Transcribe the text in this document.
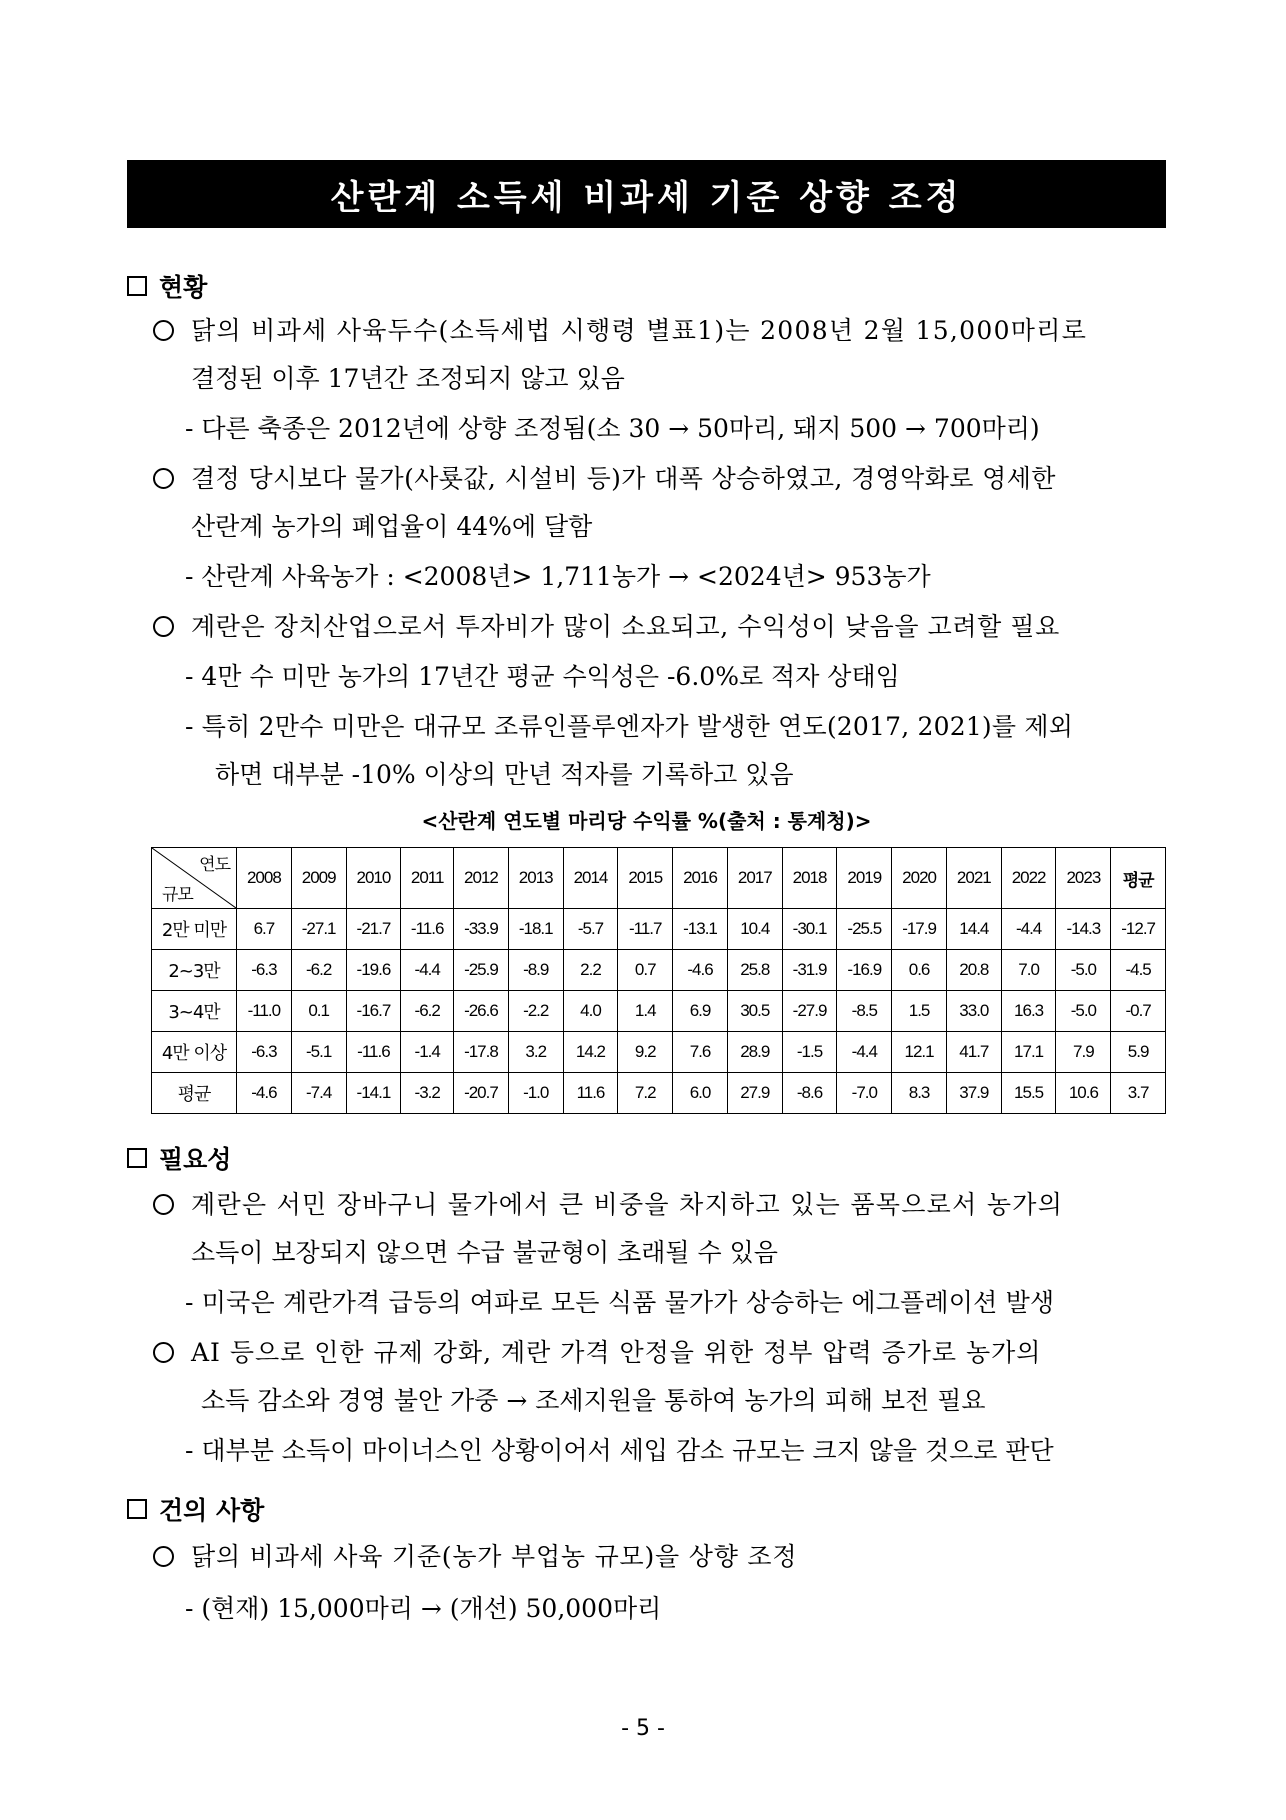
산란계 소득세 비과세 기준 상향 조정
현황
닭의 비과세 사육두수(소득세법 시행령 별표1)는 2008년 2월 15,000마리로
결정된 이후 17년간 조정되지 않고 있음
- 다른 축종은 2012년에 상향 조정됨(소 30 → 50마리, 돼지 500 → 700마리)
결정 당시보다 물가(사룟값, 시설비 등)가 대폭 상승하였고, 경영악화로 영세한
산란계 농가의 폐업율이 44%에 달함
- 산란계 사육농가 : <2008년> 1,711농가 → <2024년> 953농가
계란은 장치산업으로서 투자비가 많이 소요되고, 수익성이 낮음을 고려할 필요
- 4만 수 미만 농가의 17년간 평균 수익성은 -6.0%로 적자 상태임
- 특히 2만수 미만은 대규모 조류인플루엔자가 발생한 연도(2017, 2021)를 제외
하면 대부분 -10% 이상의 만년 적자를 기록하고 있음
<산란계 연도별 마리당 수익률 %(출처 : 통계청)>
연도
규모	2008	2009	2010	2011	2012	2013	2014	2015	2016	2017	2018	2019	2020	2021	2022	2023	평균
2만 미만	6.7	-27.1	-21.7	-11.6	-33.9	-18.1	-5.7	-11.7	-13.1	10.4	-30.1	-25.5	-17.9	14.4	-4.4	-14.3	-12.7
2~3만	-6.3	-6.2	-19.6	-4.4	-25.9	-8.9	2.2	0.7	-4.6	25.8	-31.9	-16.9	0.6	20.8	7.0	-5.0	-4.5
3~4만	-11.0	0.1	-16.7	-6.2	-26.6	-2.2	4.0	1.4	6.9	30.5	-27.9	-8.5	1.5	33.0	16.3	-5.0	-0.7
4만 이상	-6.3	-5.1	-11.6	-1.4	-17.8	3.2	14.2	9.2	7.6	28.9	-1.5	-4.4	12.1	41.7	17.1	7.9	5.9
평균	-4.6	-7.4	-14.1	-3.2	-20.7	-1.0	11.6	7.2	6.0	27.9	-8.6	-7.0	8.3	37.9	15.5	10.6	3.7
필요성
계란은 서민 장바구니 물가에서 큰 비중을 차지하고 있는 품목으로서 농가의
소득이 보장되지 않으면 수급 불균형이 초래될 수 있음
- 미국은 계란가격 급등의 여파로 모든 식품 물가가 상승하는 에그플레이션 발생
AI 등으로 인한 규제 강화, 계란 가격 안정을 위한 정부 압력 증가로 농가의
소득 감소와 경영 불안 가중 → 조세지원을 통하여 농가의 피해 보전 필요
- 대부분 소득이 마이너스인 상황이어서 세입 감소 규모는 크지 않을 것으로 판단
건의 사항
닭의 비과세 사육 기준(농가 부업농 규모)을 상향 조정
- (현재) 15,000마리 → (개선) 50,000마리
- 5 -
